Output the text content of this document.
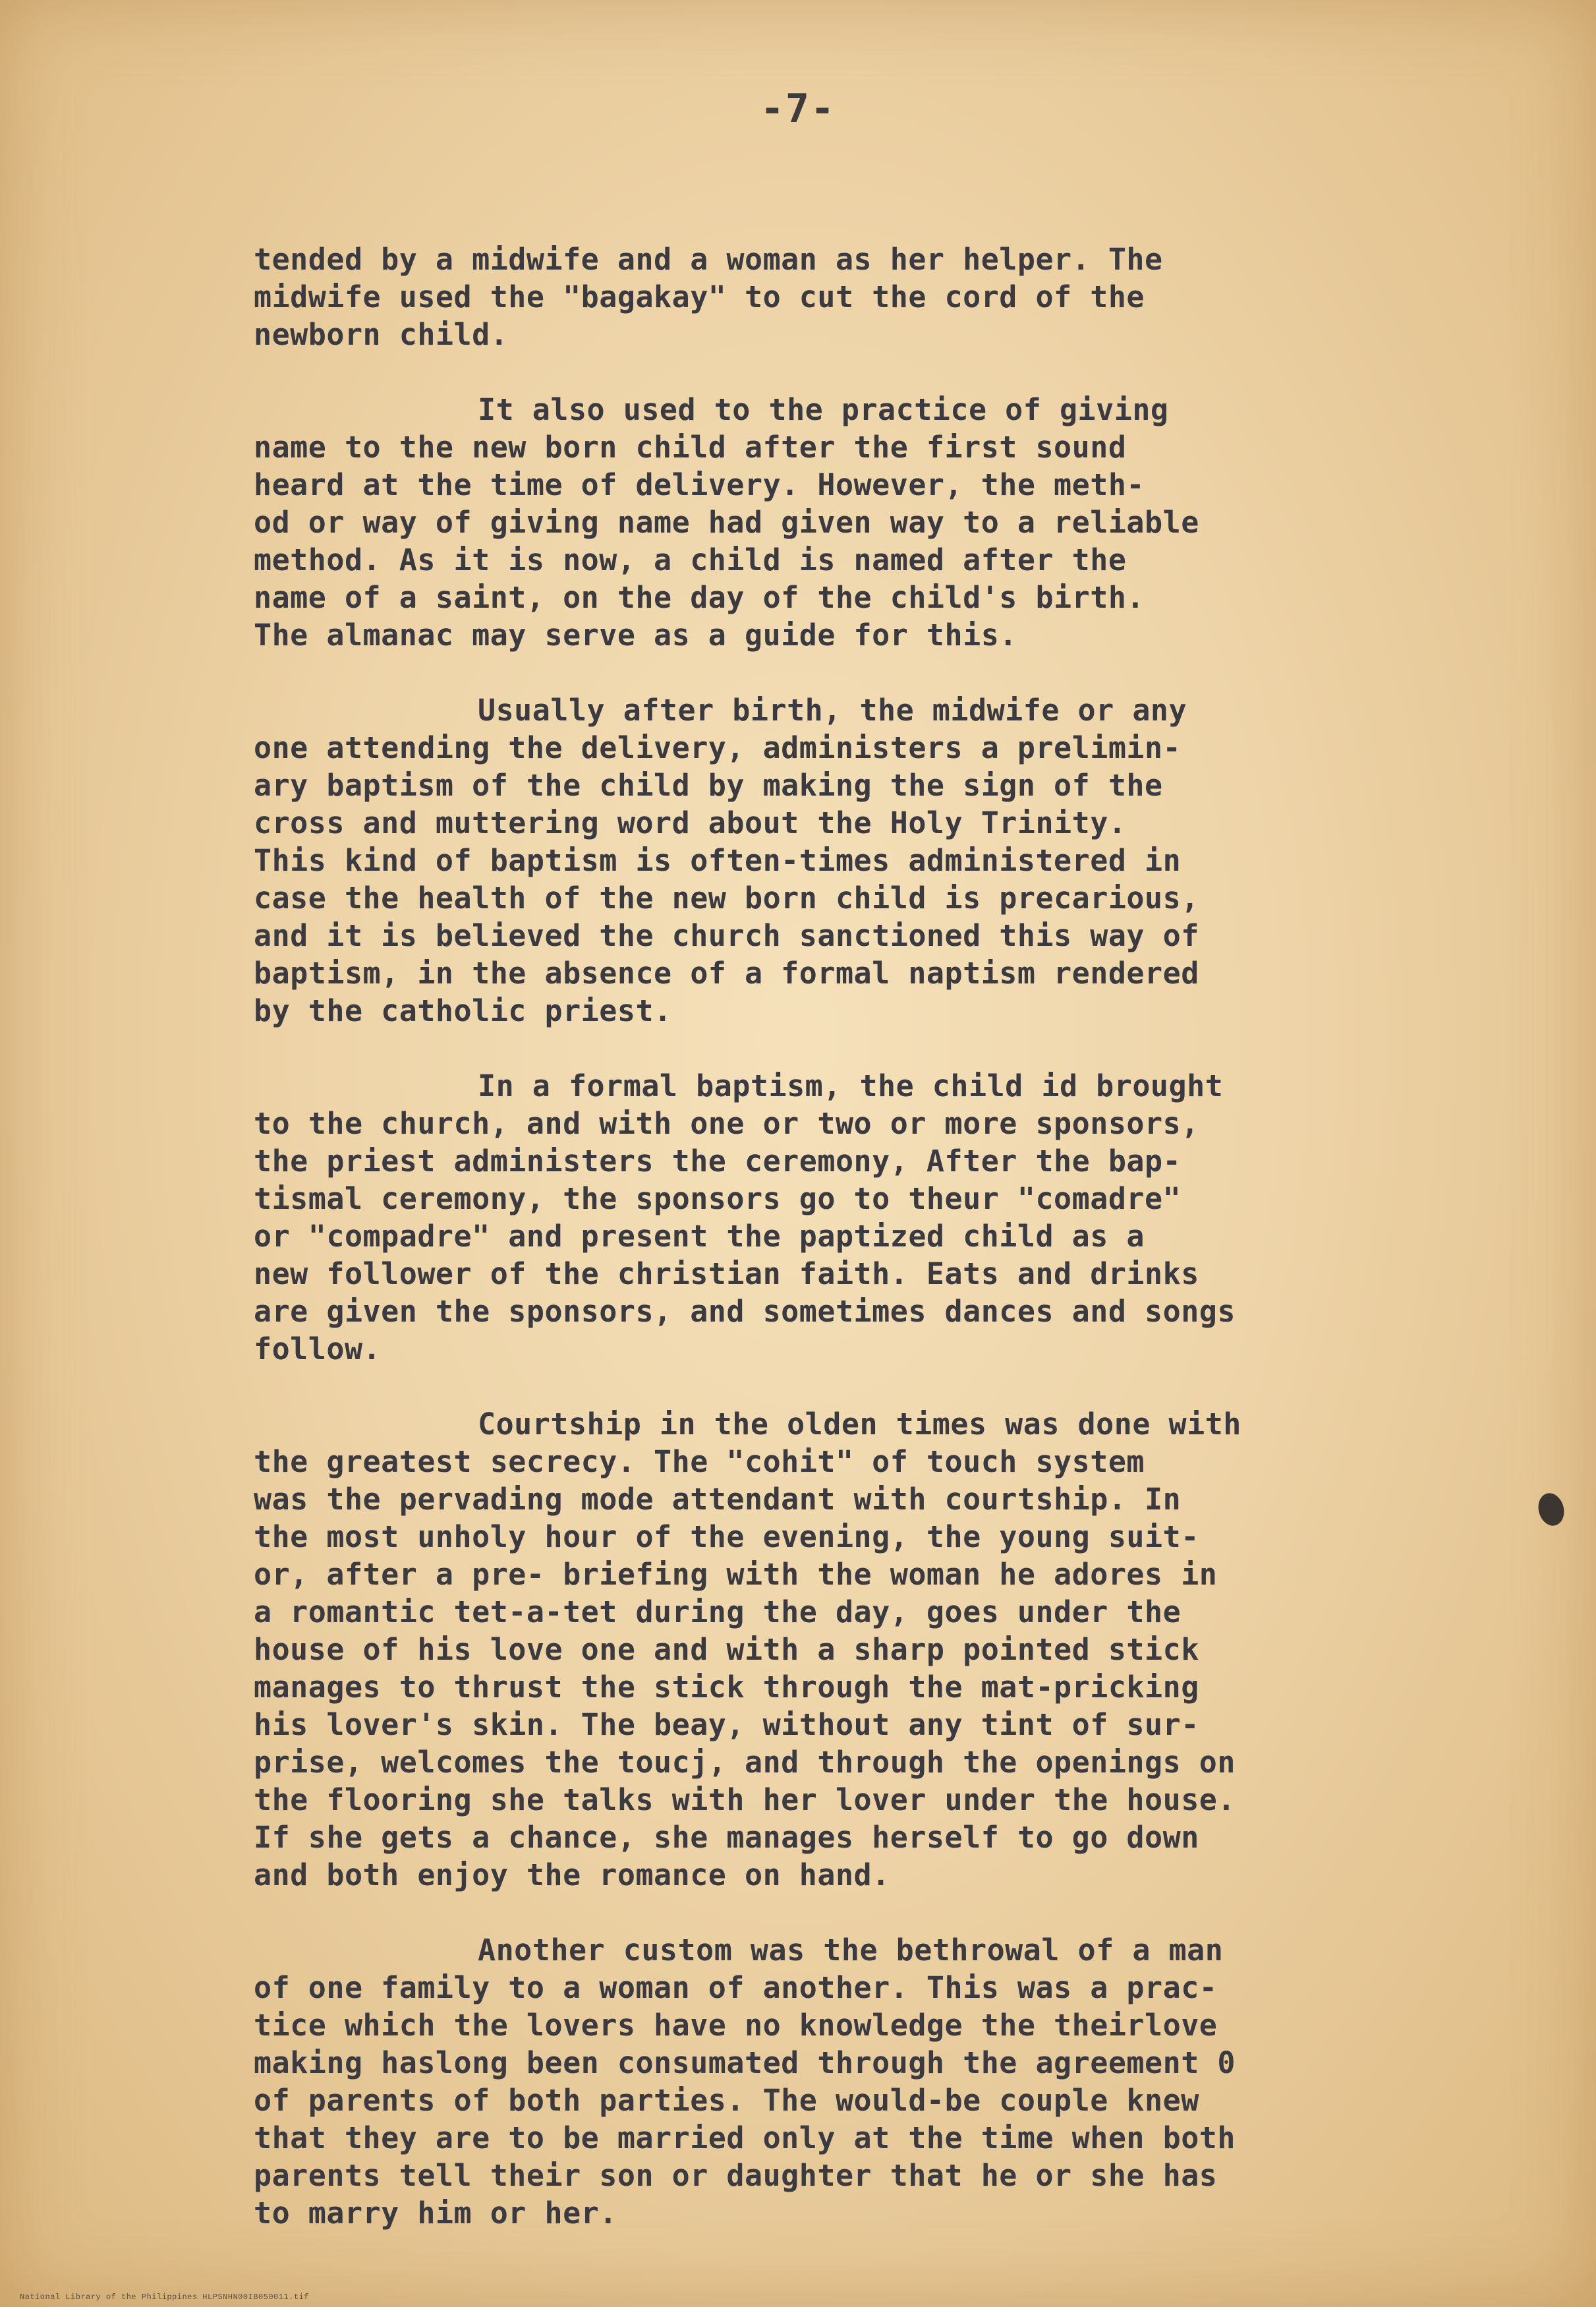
-7-
tended by a midwife and a woman as her helper. The
midwife used the "bagakay" to cut the cord of the
newborn child.
It also used to the practice of giving
name to the new born child after the first sound
heard at the time of delivery. However, the meth-
od or way of giving name had given way to a reliable
method. As it is now, a child is named after the
name of a saint, on the day of the child's birth.
The almanac may serve as a guide for this.
Usually after birth, the midwife or any
one attending the delivery, administers a prelimin-
ary baptism of the child by making the sign of the
cross and muttering word about the Holy Trinity.
This kind of baptism is often-times administered in
case the health of the new born child is precarious,
and it is believed the church sanctioned this way of
baptism, in the absence of a formal naptism rendered
by the catholic priest.
In a formal baptism, the child id brought
to the church, and with one or two or more sponsors,
the priest administers the ceremony, After the bap-
tismal ceremony, the sponsors go to theur "comadre"
or "compadre" and present the paptized child as a
new follower of the christian faith. Eats and drinks
are given the sponsors, and sometimes dances and songs
follow.
Courtship in the olden times was done with
the greatest secrecy. The "cohit" of touch system
was the pervading mode attendant with courtship. In
the most unholy hour of the evening, the young suit-
or, after a pre- briefing with the woman he adores in
a romantic tet-a-tet during the day, goes under the
house of his love one and with a sharp pointed stick
manages to thrust the stick through the mat-pricking
his lover's skin. The beay, without any tint of sur-
prise, welcomes the toucj, and through the openings on
the flooring she talks with her lover under the house.
If she gets a chance, she manages herself to go down
and both enjoy the romance on hand.
Another custom was the bethrowal of a man
of one family to a woman of another. This was a prac-
tice which the lovers have no knowledge the theirlove
making haslong been consumated through the agreement 0
of parents of both parties. The would-be couple knew
that they are to be married only at the time when both
parents tell their son or daughter that he or she has
to marry him or her.
National Library of the Philippines HLPSNHN00IB050011.tif
